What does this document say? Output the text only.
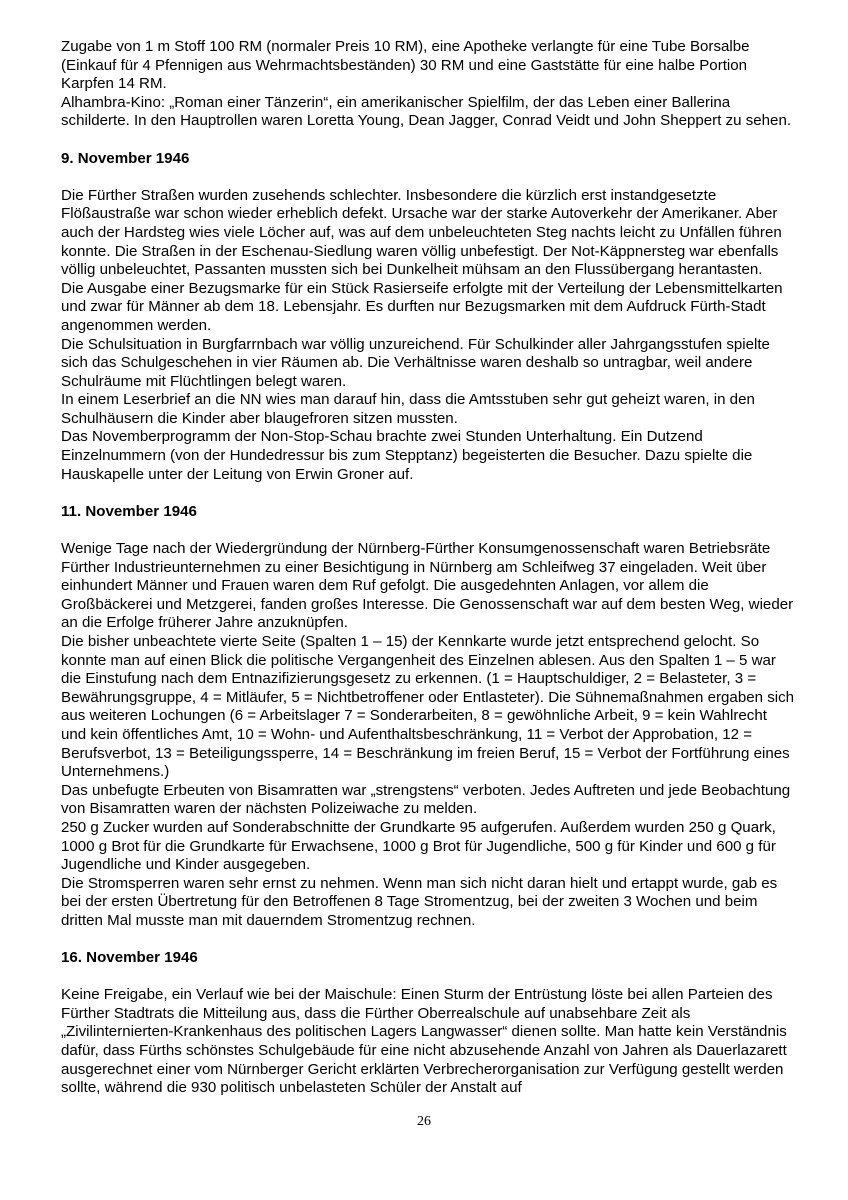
Zugabe von 1 m Stoff 100 RM (normaler Preis 10 RM), eine Apotheke verlangte für eine Tube Borsalbe (Einkauf für 4 Pfennigen aus Wehrmachtsbeständen) 30 RM und eine Gaststätte für eine halbe Portion Karpfen 14 RM.

Alhambra-Kino: „Roman einer Tänzerin“, ein amerikanischer Spielfilm, der das Leben einer Ballerina schilderte. In den Hauptrollen waren Loretta Young, Dean Jagger, Conrad Veidt und John Sheppert zu sehen.

9. November 1946

Die Fürther Straßen wurden zusehends schlechter. Insbesondere die kürzlich erst instandgesetzte Flößaustraße war schon wieder erheblich defekt. Ursache war der starke Autoverkehr der Amerikaner. Aber auch der Hardsteg wies viele Löcher auf, was auf dem unbeleuchteten Steg nachts leicht zu Unfällen führen konnte. Die Straßen in der Eschenau-Siedlung waren völlig unbefestigt. Der Not-Käppnersteg war ebenfalls völlig unbeleuchtet, Passanten mussten sich bei Dunkelheit mühsam an den Flussübergang herantasten.

Die Ausgabe einer Bezugsmarke für ein Stück Rasierseife erfolgte mit der Verteilung der Lebensmittelkarten und zwar für Männer ab dem 18. Lebensjahr. Es durften nur Bezugsmarken mit dem Aufdruck Fürth-Stadt angenommen werden.

Die Schulsituation in Burgfarrnbach war völlig unzureichend. Für Schulkinder aller Jahrgangsstufen spielte sich das Schulgeschehen in vier Räumen ab. Die Verhältnisse waren deshalb so untragbar, weil andere Schulräume mit Flüchtlingen belegt waren.

In einem Leserbrief an die NN wies man darauf hin, dass die Amtsstuben sehr gut geheizt waren, in den Schulhäusern die Kinder aber blaugefroren sitzen mussten.

Das Novemberprogramm der Non-Stop-Schau brachte zwei Stunden Unterhaltung. Ein Dutzend Einzelnummern (von der Hundedressur bis zum Stepptanz) begeisterten die Besucher. Dazu spielte die Hauskapelle unter der Leitung von Erwin Groner auf.

11. November 1946

Wenige Tage nach der Wiedergründung der Nürnberg-Fürther Konsumgenossenschaft waren Betriebsräte Fürther Industrieunternehmen zu einer Besichtigung in Nürnberg am Schleifweg 37 eingeladen. Weit über einhundert Männer und Frauen waren dem Ruf gefolgt. Die ausgedehnten Anlagen, vor allem die Großbäckerei und Metzgerei, fanden großes Interesse. Die Genossenschaft war auf dem besten Weg, wieder an die Erfolge früherer Jahre anzuknüpfen.

Die bisher unbeachtete vierte Seite (Spalten 1 – 15) der Kennkarte wurde jetzt entsprechend gelocht. So konnte man auf einen Blick die politische Vergangenheit des Einzelnen ablesen. Aus den Spalten 1 – 5 war die Einstufung nach dem Entnazifizierungsgesetz zu erkennen. (1 = Hauptschuldiger, 2 = Belasteter, 3 = Bewährungsgruppe, 4 = Mitläufer, 5 = Nichtbetroffener oder Entlasteter). Die Sühnemaßnahmen ergaben sich aus weiteren Lochungen (6 = Arbeitslager 7 = Sonderarbeiten, 8 = gewöhnliche Arbeit, 9 = kein Wahlrecht und kein öffentliches Amt, 10 = Wohn- und Aufenthaltsbeschränkung, 11 = Verbot der Approbation, 12 = Berufsverbot, 13 = Beteiligungssperre, 14 = Beschränkung im freien Beruf, 15 = Verbot der Fortführung eines Unternehmens.)

Das unbefugte Erbeuten von Bisamratten war „strengstens“ verboten. Jedes Auftreten und jede Beobachtung von Bisamratten waren der nächsten Polizeiwache zu melden.

250 g Zucker wurden auf Sonderabschnitte der Grundkarte 95 aufgerufen. Außerdem wurden 250 g Quark, 1000 g Brot für die Grundkarte für Erwachsene, 1000 g Brot für Jugendliche, 500 g für Kinder und 600 g für Jugendliche und Kinder ausgegeben.

Die Stromsperren waren sehr ernst zu nehmen. Wenn man sich nicht daran hielt und ertappt wurde, gab es bei der ersten Übertretung für den Betroffenen 8 Tage Stromentzug, bei der zweiten 3 Wochen und beim dritten Mal musste man mit dauerndem Stromentzug rechnen.

16. November 1946

Keine Freigabe, ein Verlauf wie bei der Maischule: Einen Sturm der Entrüstung löste bei allen Parteien des Fürther Stadtrats die Mitteilung aus, dass die Fürther Oberrealschule auf unabsehbare Zeit als „Zivilinternierten-Krankenhaus des politischen Lagers Langwasser“ dienen sollte. Man hatte kein Verständnis dafür, dass Fürths schönstes Schulgebäude für eine nicht abzusehende Anzahl von Jahren als Dauerlazarett ausgerechnet einer vom Nürnberger Gericht erklärten Verbrecherorganisation zur Verfügung gestellt werden sollte, während die 930 politisch unbelasteten Schüler der Anstalt auf

26
